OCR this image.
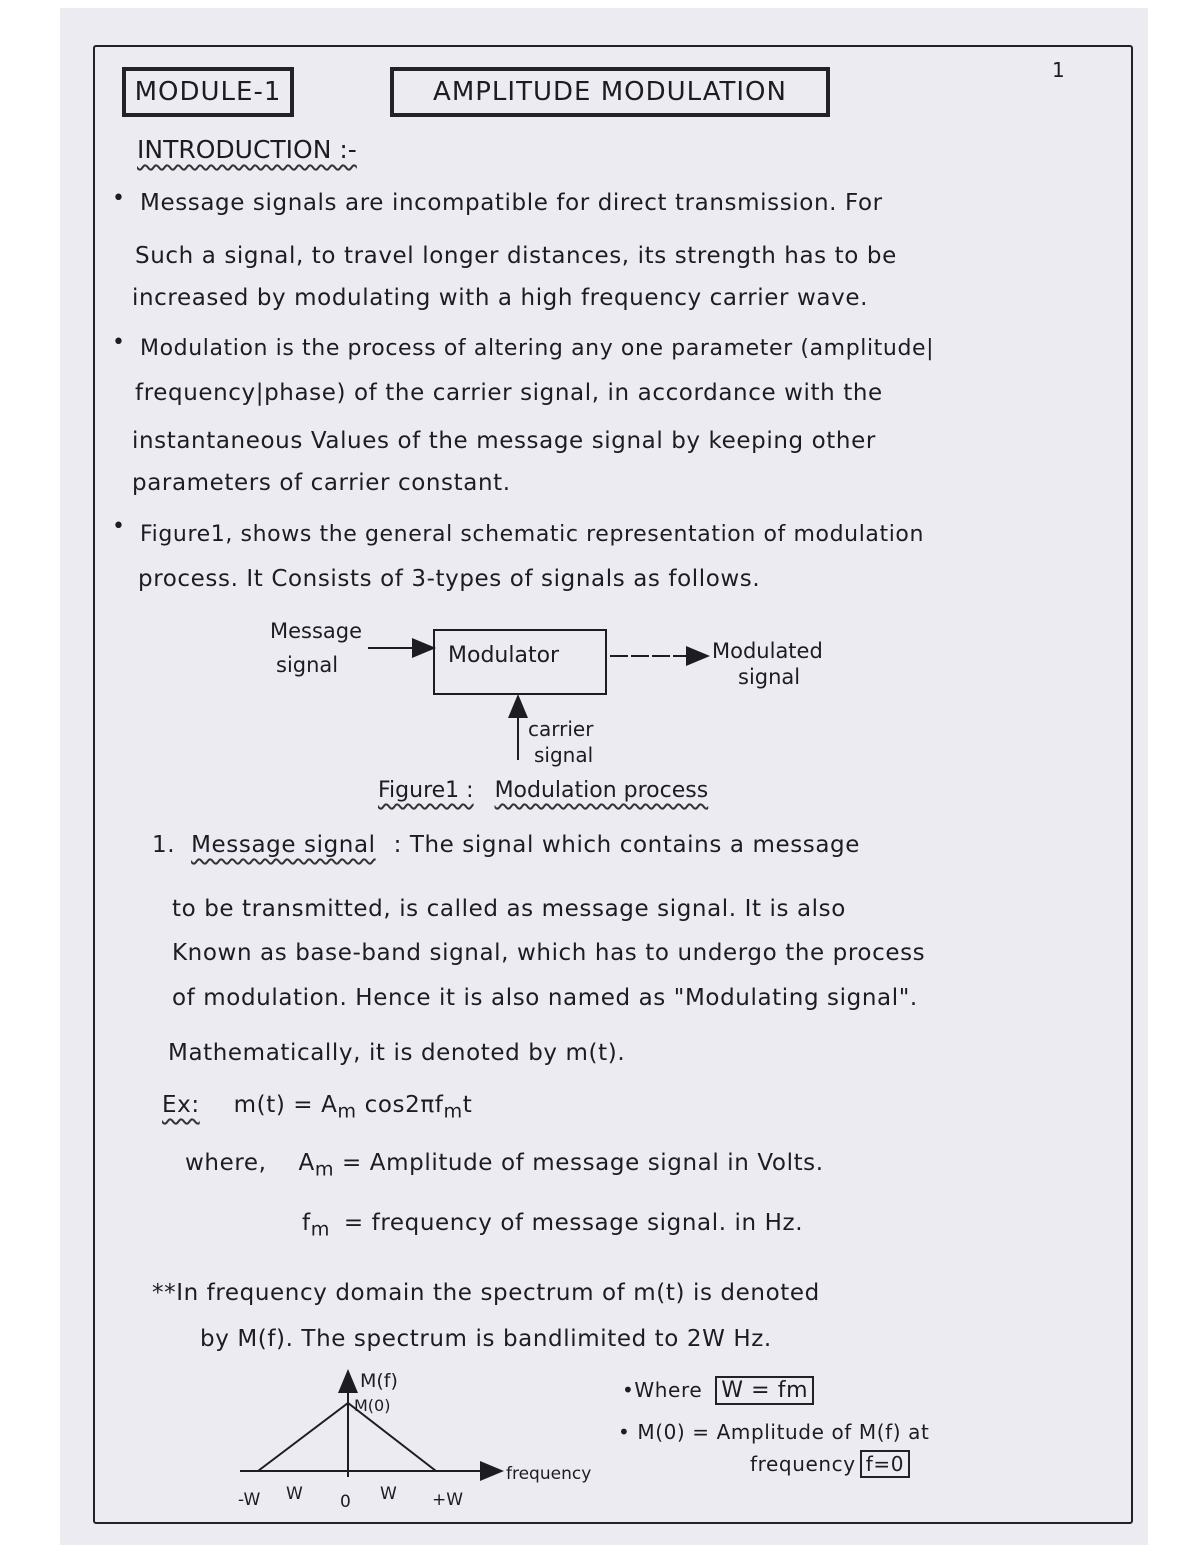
MODULE-1	AMPLITUDE MODULATION
1
INTRODUCTION :-
• Message signals are incompatible for direct transmission. For
Such a signal, to travel longer distances, its strength has to be
increased by modulating with a high frequency carrier wave.
• Modulation is the process of altering any one parameter (amplitude|
frequency|phase) of the carrier signal, in accordance with the
instantaneous Values of the message signal by keeping other
parameters of carrier constant.
• Figure1, shows the general schematic representation of modulation
process. It Consists of 3-types of signals as follows.
Message
signal	Modulator	Modulated
signal
carrier
signal
Figure1 : Modulation process
1. Message signal : The signal which contains a message
to be transmitted, is called as message signal. It is also
Known as base-band signal, which has to undergo the process
of modulation. Hence it is also named as "Modulating signal".
Mathematically, it is denoted by m(t).
Ex: $m(t) = A_m$ $\cos 2\pi f_mt$
where, $A_m$ = Amplitude of message signal in Volts.
$f_m$ = frequency of message signal. in Hz.
**In frequency domain the spectrum of m(t) is denoted
by M(f). The spectrum is bandlimited to 2W Hz.
M(f)
M(0)
frequency
-W W 0 W +W
•Where W = fm
• M(0) = Amplitude of M(f) at
frequency f=0
